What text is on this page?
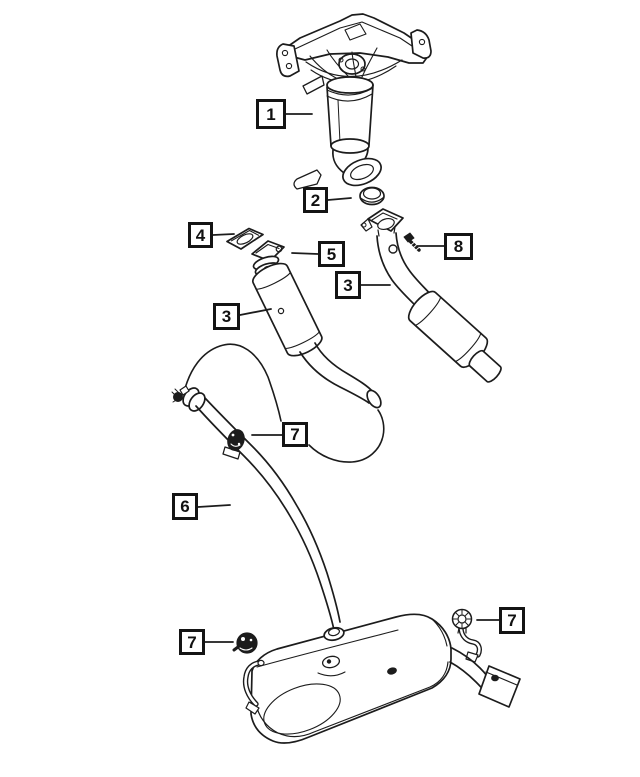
1
2
4
5	8
3
3
7
6
7
7
